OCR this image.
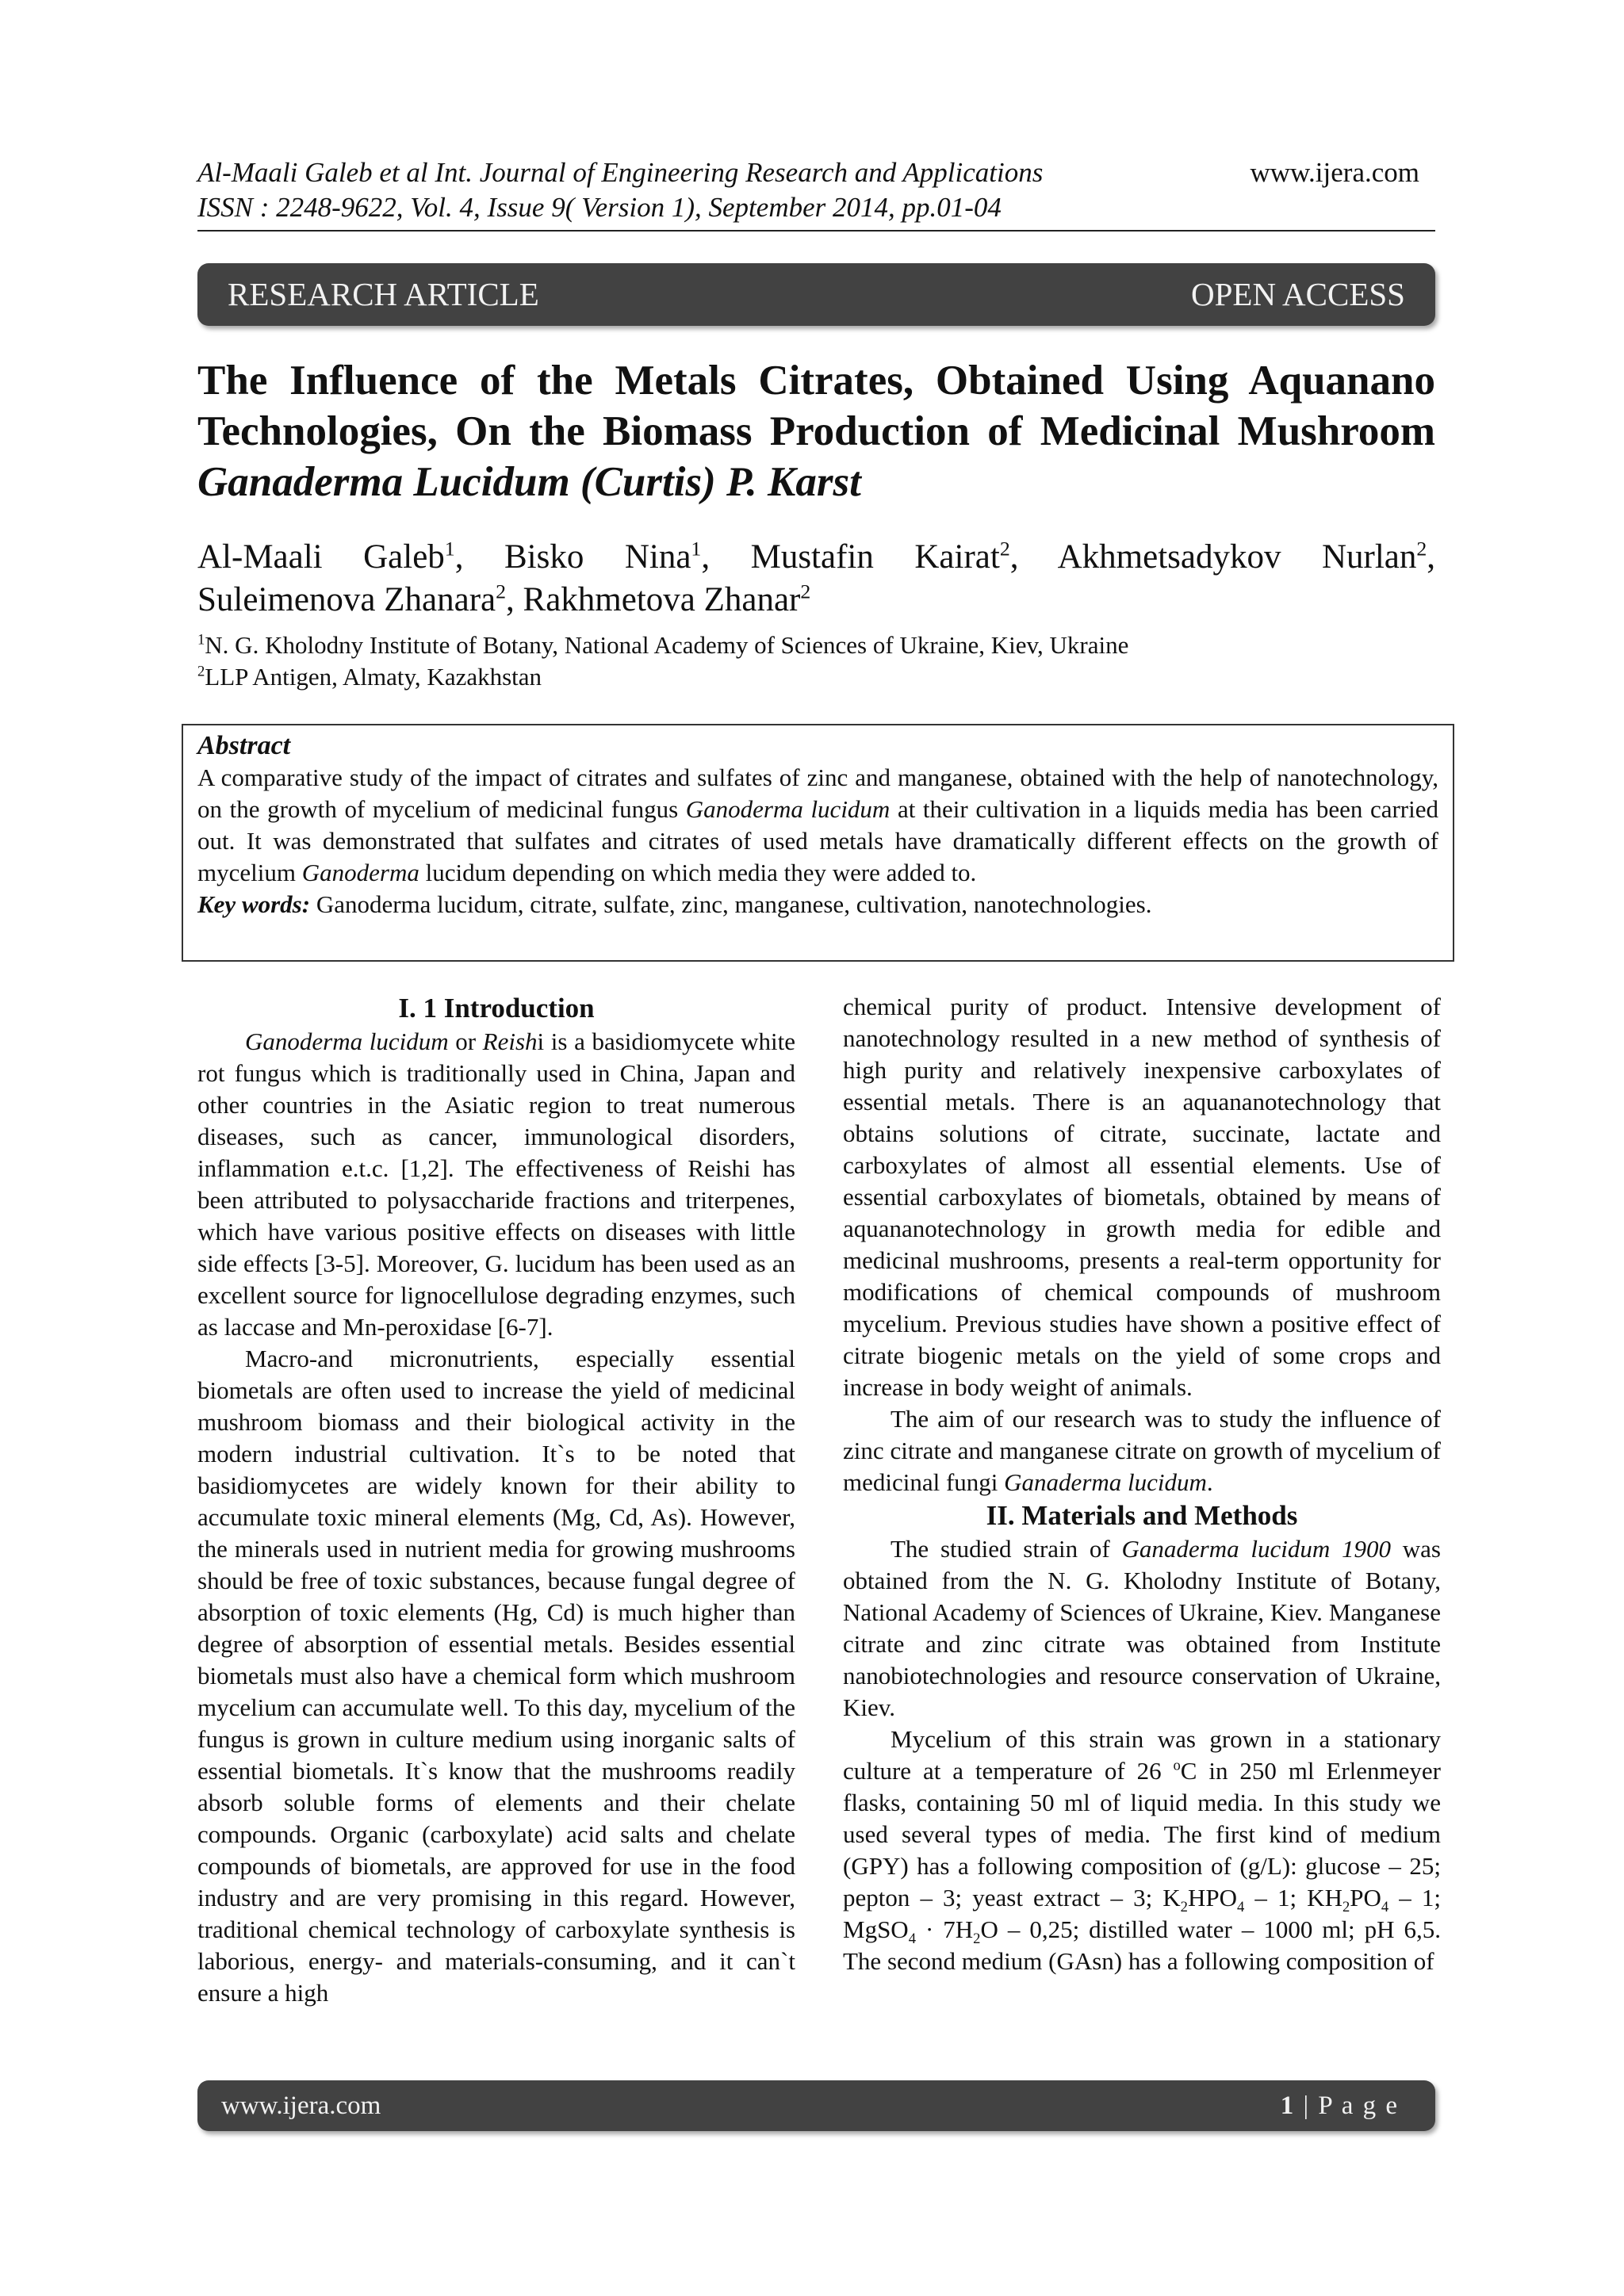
Al-Maali Galeb et al Int. Journal of Engineering Research and Applications
ISSN : 2248-9622, Vol. 4, Issue 9( Version 1), September 2014, pp.01-04
www.ijera.com
RESEARCH ARTICLE	OPEN ACCESS
The Influence of the Metals Citrates, Obtained Using Aquanano Technologies, On the Biomass Production of Medicinal Mushroom Ganaderma Lucidum (Curtis) P. Karst
Al-Maali Galeb$^1$, Bisko Nina$^1$, Mustafin Kairat$^2$, Akhmetsadykov Nurlan$^2$,
Suleimenova Zhanara$^2$, Rakhmetova Zhanar$^2$
$^1$N. G. Kholodny Institute of Botany, National Academy of Sciences of Ukraine, Kiev, Ukraine
$^2$LLP Antigen, Almaty, Kazakhstan
Abstract

A comparative study of the impact of citrates and sulfates of zinc and manganese, obtained with the help of nanotechnology, on the growth of mycelium of medicinal fungus Ganoderma lucidum at their cultivation in a liquids media has been carried out. It was demonstrated that sulfates and citrates of used metals have dramatically different effects on the growth of mycelium Ganoderma lucidum depending on which media they were added to.

Key words: Ganoderma lucidum, citrate, sulfate, zinc, manganese, cultivation, nanotechnologies.

I. 1 Introduction

Ganoderma lucidum or Reishi is a basidiomycete white rot fungus which is traditionally used in China, Japan and other countries in the Asiatic region to treat numerous diseases, such as cancer, immunological disorders, inflammation e.t.c. [1,2]. The effectiveness of Reishi has been attributed to polysaccharide fractions and triterpenes, which have various positive effects on diseases with little side effects [3-5]. Moreover, G. lucidum has been used as an excellent source for lignocellulose degrading enzymes, such as laccase and Mn-peroxidase [6-7].

Macro-and micronutrients, especially essential biometals are often used to increase the yield of medicinal mushroom biomass and their biological activity in the modern industrial cultivation. It`s to be noted that basidiomycetes are widely known for their ability to accumulate toxic mineral elements (Mg, Cd, As). However, the minerals used in nutrient media for growing mushrooms should be free of toxic substances, because fungal degree of absorption of toxic elements (Hg, Cd) is much higher than degree of absorption of essential metals. Besides essential biometals must also have a chemical form which mushroom mycelium can accumulate well. To this day, mycelium of the fungus is grown in culture medium using inorganic salts of essential biometals. It`s know that the mushrooms readily absorb soluble forms of elements and their chelate compounds. Organic (carboxylate) acid salts and chelate compounds of biometals, are approved for use in the food industry and are very promising in this regard. However, traditional chemical technology of carboxylate synthesis is laborious, energy- and materials-consuming, and it can`t ensure a high

chemical purity of product. Intensive development of nanotechnology resulted in a new method of synthesis of high purity and relatively inexpensive carboxylates of essential metals. There is an aquananotechnology that obtains solutions of citrate, succinate, lactate and carboxylates of almost all essential elements. Use of essential carboxylates of biometals, obtained by means of aquananotechnology in growth media for edible and medicinal mushrooms, presents a real-term opportunity for modifications of chemical compounds of mushroom mycelium. Previous studies have shown a positive effect of citrate biogenic metals on the yield of some crops and increase in body weight of animals.

The aim of our research was to study the influence of zinc citrate and manganese citrate on growth of mycelium of medicinal fungi Ganaderma lucidum.

II. Materials and Methods

The studied strain of Ganaderma lucidum 1900 was obtained from the N. G. Kholodny Institute of Botany, National Academy of Sciences of Ukraine, Kiev. Manganese citrate and zinc citrate was obtained from Institute nanobiotechnologies and resource conservation of Ukraine, Kiev.

Mycelium of this strain was grown in a stationary culture at a temperature of 26 $^o$C in 250 ml Erlenmeyer flasks, containing 50 ml of liquid media. In this study we used several types of media. The first kind of medium (GPY) has a following composition of (g/L): glucose – 25; pepton – 3; yeast extract – 3; $K_2HPO_4 - 1$; $KH_2PO_4 - 1$; MgSO$_4$ · $7H_2O - 0,25$; distilled water – 1000 ml; pH 6,5. The second medium (GAsn) has a following composition of

www.ijera.com	1 | P a g e
